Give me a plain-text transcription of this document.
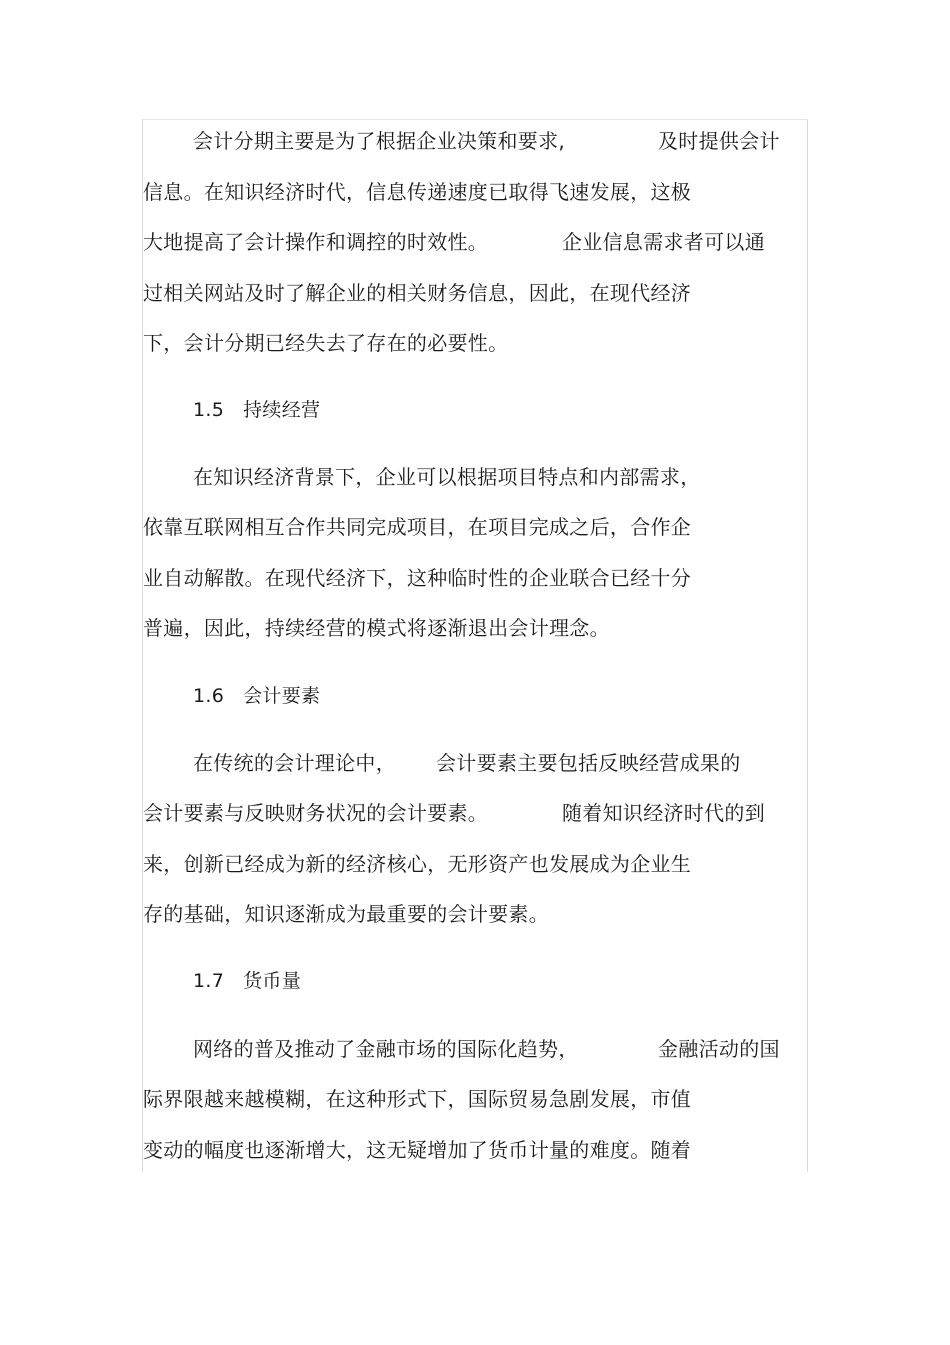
会计分期主要是为了根据企业决策和要求,	及时提供会计
信息。在知识经济时代，信息传递速度已取得飞速发展，这极
大地提高了会计操作和调控的时效性。	企业信息需求者可以通
过相关网站及时了解企业的相关财务信息，因此，在现代经济
下，会计分期已经失去了存在的必要性。
1.5   持续经营
在知识经济背景下，企业可以根据项目特点和内部需求，
依靠互联网相互合作共同完成项目，在项目完成之后，合作企
业自动解散。在现代经济下，这种临时性的企业联合已经十分
普遍，因此，持续经营的模式将逐渐退出会计理念。
1.6   会计要素
在传统的会计理论中， 会计要素主要包括反映经营成果的
会计要素与反映财务状况的会计要素。	随着知识经济时代的到
来，创新已经成为新的经济核心，无形资产也发展成为企业生
存的基础，知识逐渐成为最重要的会计要素。
1.7   货币量
网络的普及推动了金融市场的国际化趋势，	金融活动的国
际界限越来越模糊，在这种形式下，国际贸易急剧发展，市值
变动的幅度也逐渐增大，这无疑增加了货币计量的难度。随着
